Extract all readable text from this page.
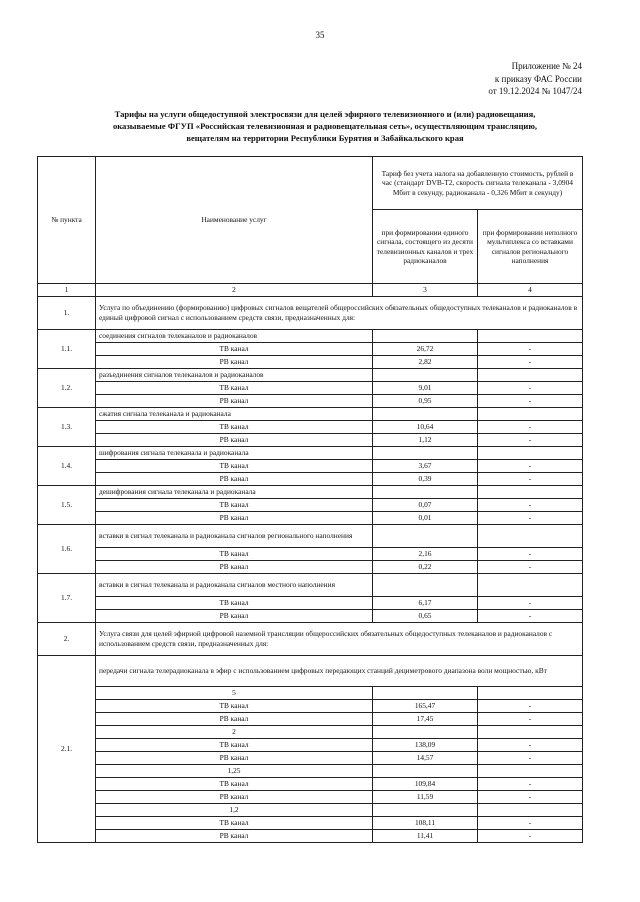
35
Приложение № 24
к приказу ФАС России
от 19.12.2024 № 1047/24
Тарифы на услуги общедоступной электросвязи для целей эфирного телевизионного и (или) радиовещания,
оказываемые ФГУП «Российская телевизионная и радиовещательная сеть», осуществляющим трансляцию,
вещателям на территории Республики Бурятия и Забайкальского края
№ пункта	Наименование услуг	Тариф без учета налога на добавленную стоимость, рублей в час (стандарт DVB-T2, скорость сигнала телеканала - 3,0904 Мбит в секунду, радиоканала - 0,326 Мбит в секунду)	
		при формировании единого сигнала, состоящего из десяти телевизионных каналов и трех радиоканалов	при формировании неполного мультиплекса со вставками сигналов регионального наполнения
1	2	3	4
1.	Услуга по объединению (формированию) цифровых сигналов вещателей общероссийских обязательных общедоступных телеканалов и радиоканалов в единый цифровой сигнал с использованием средств связи, предназначенных для:		
1.1.	соединения сигналов телеканалов и радиоканалов		
	ТВ канал	26,72	-
	РВ канал	2,82	-
1.2.	разъединения сигналов телеканалов и радиоканалов		
	ТВ канал	9,01	-
	РВ канал	0,95	-
1.3.	сжатия сигнала телеканала и радиоканала		
	ТВ канал	10,64	-
	РВ канал	1,12	-
1.4.	шифрования сигнала телеканала и радиоканала		
	ТВ канал	3,67	-
	РВ канал	0,39	-
1.5.	дешифрования сигнала телеканала и радиоканала		
	ТВ канал	0,07	-
	РВ канал	0,01	-
1.6.	вставки в сигнал телеканала и радиоканала сигналов регионального наполнения		
	ТВ канал	2,16	-
	РВ канал	0,22	-
1.7.	вставки в сигнал телеканала и радиоканала сигналов местного наполнения		
	ТВ канал	6,17	-
	РВ канал	0,65	-
2.	Услуга связи для целей эфирной цифровой наземной трансляции общероссийских обязательных общедоступных телеканалов и радиоканалов с использованием средств связи, предназначенных для:		
2.1.	передачи сигнала телерадиоканала в эфир с использованием цифровых передающих станций дециметрового диапазона волн мощностью, кВт		
	5		
	ТВ канал	165,47	-
	РВ канал	17,45	-
	2		
	ТВ канал	138,09	-
	РВ канал	14,57	-
	1,25		
	ТВ канал	109,84	-
	РВ канал	11,59	-
	1,2		
	ТВ канал	108,11	-
	РВ канал	11,41	-
